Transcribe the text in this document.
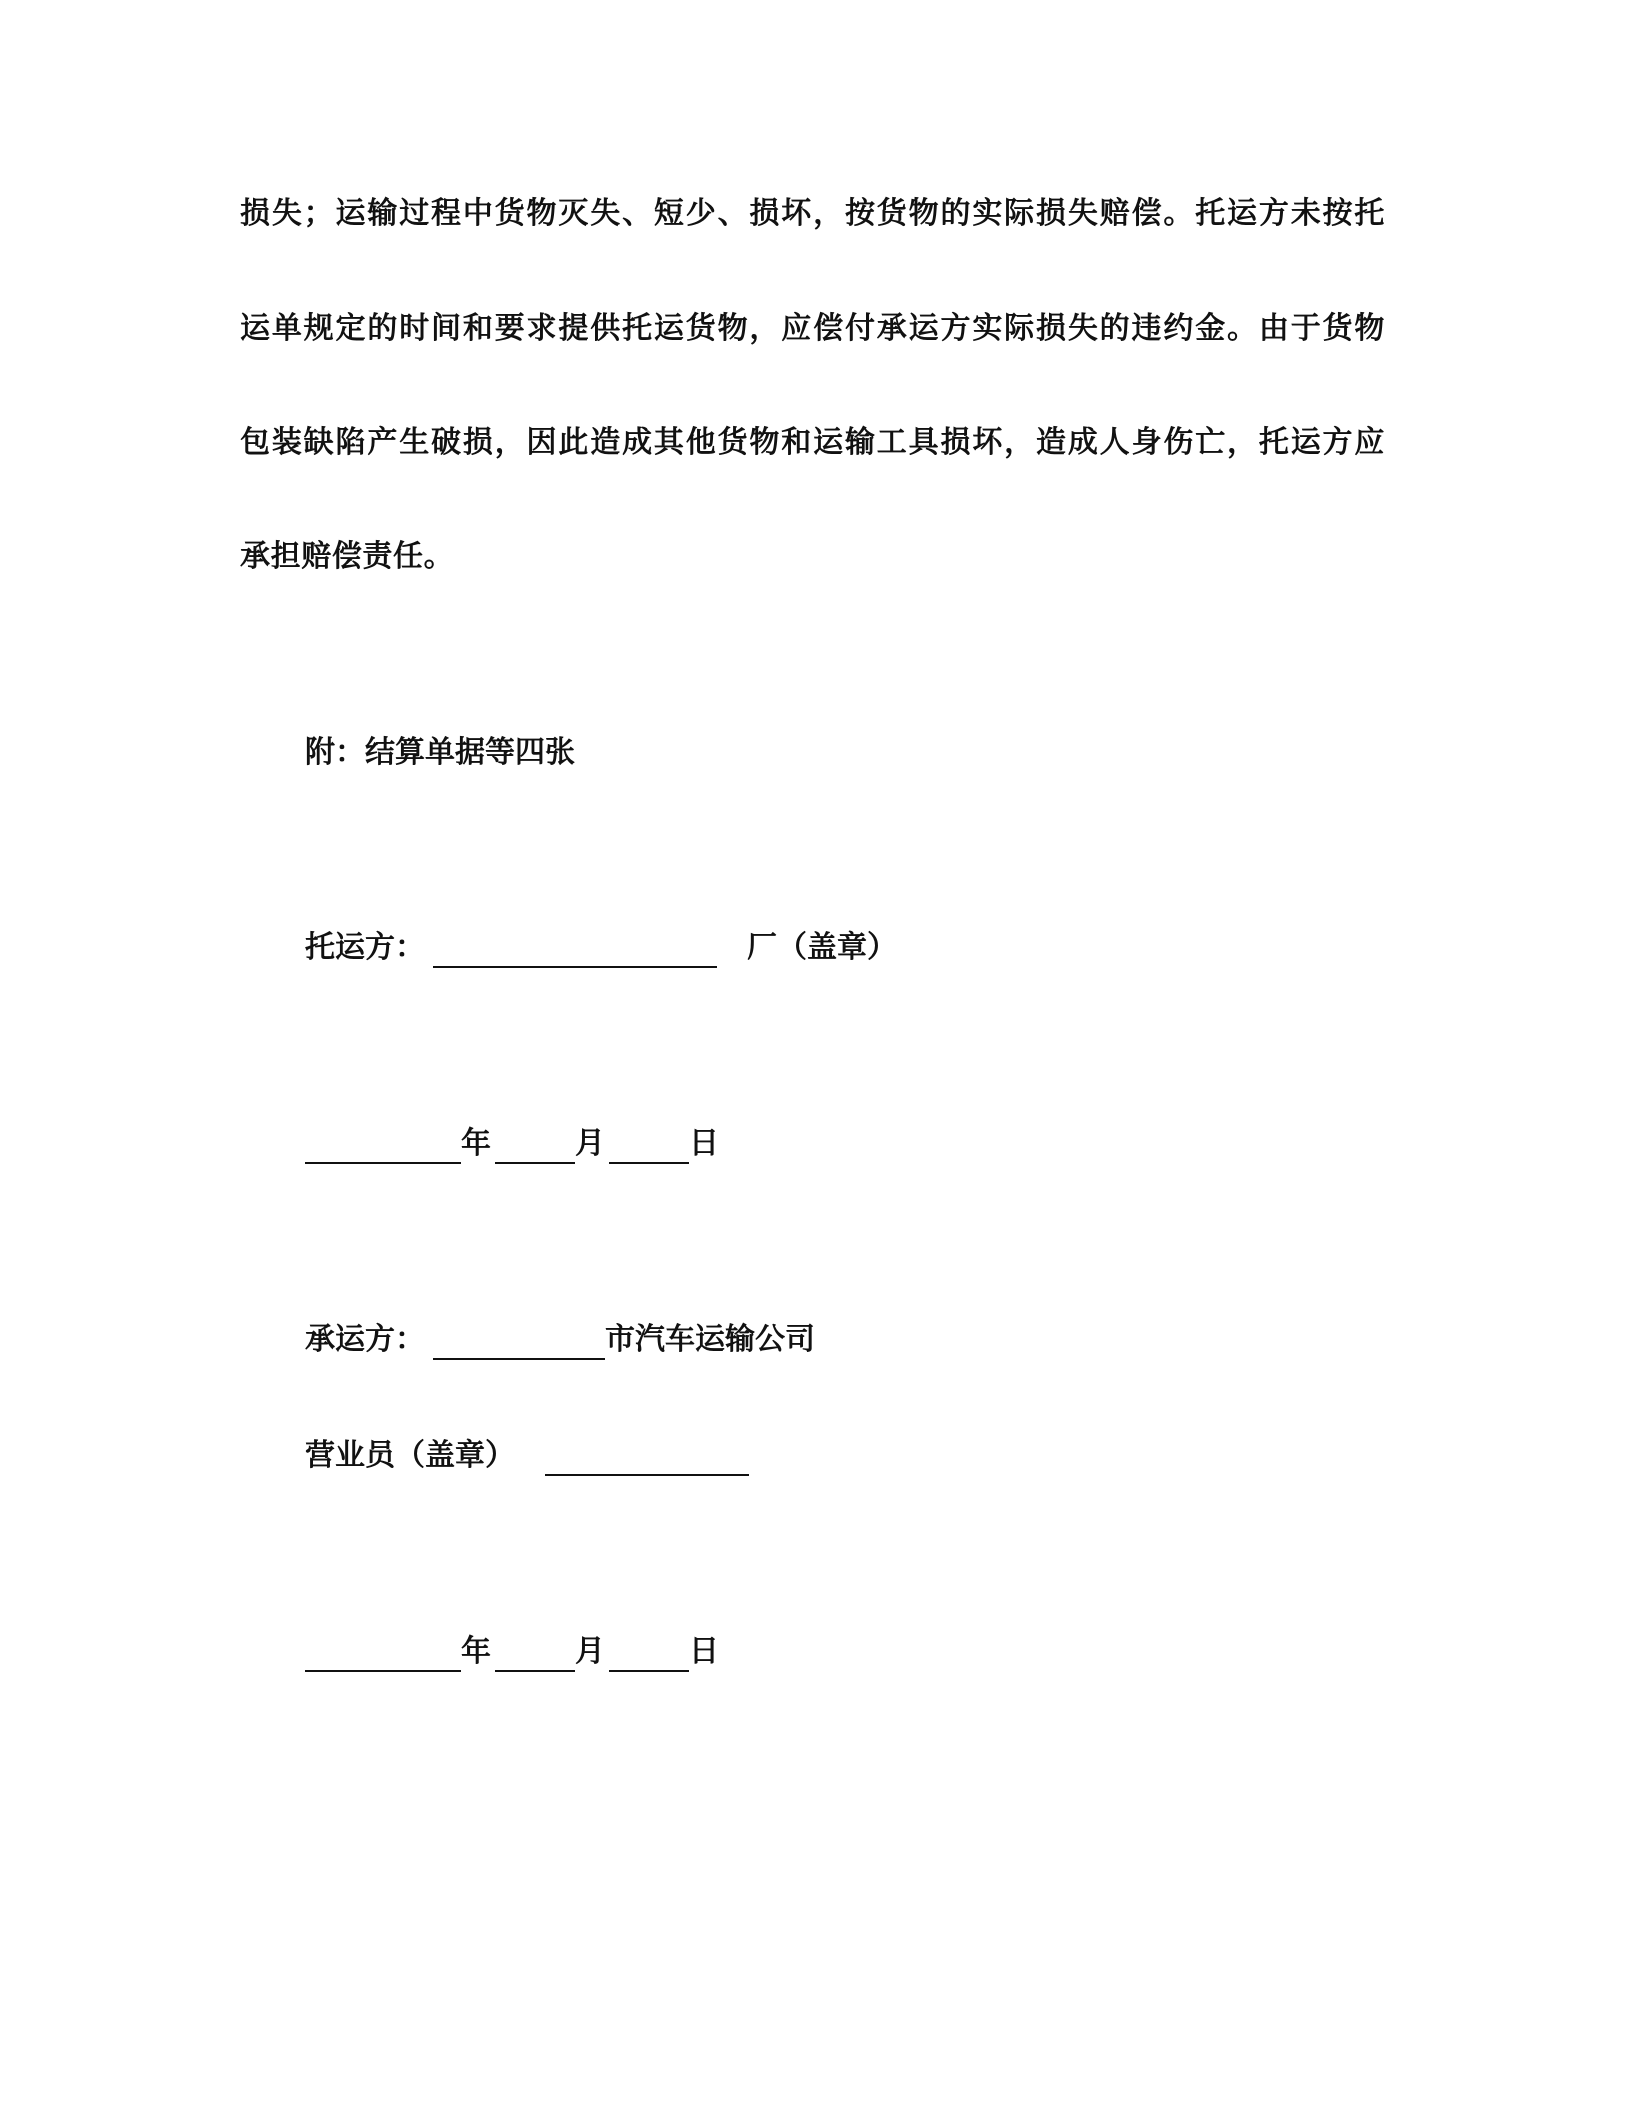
损失；运输过程中货物灭失、短少、损坏，按货物的实际损失赔偿。托运方未按托
运单规定的时间和要求提供托运货物，应偿付承运方实际损失的违约金。由于货物
包装缺陷产生破损，因此造成其他货物和运输工具损坏，造成人身伤亡，托运方应
承担赔偿责任。
附：结算单据等四张
托运方：	厂（盖章）
年	月	日
承运方：	市汽车运输公司
营业员（盖章）
年	月	日
